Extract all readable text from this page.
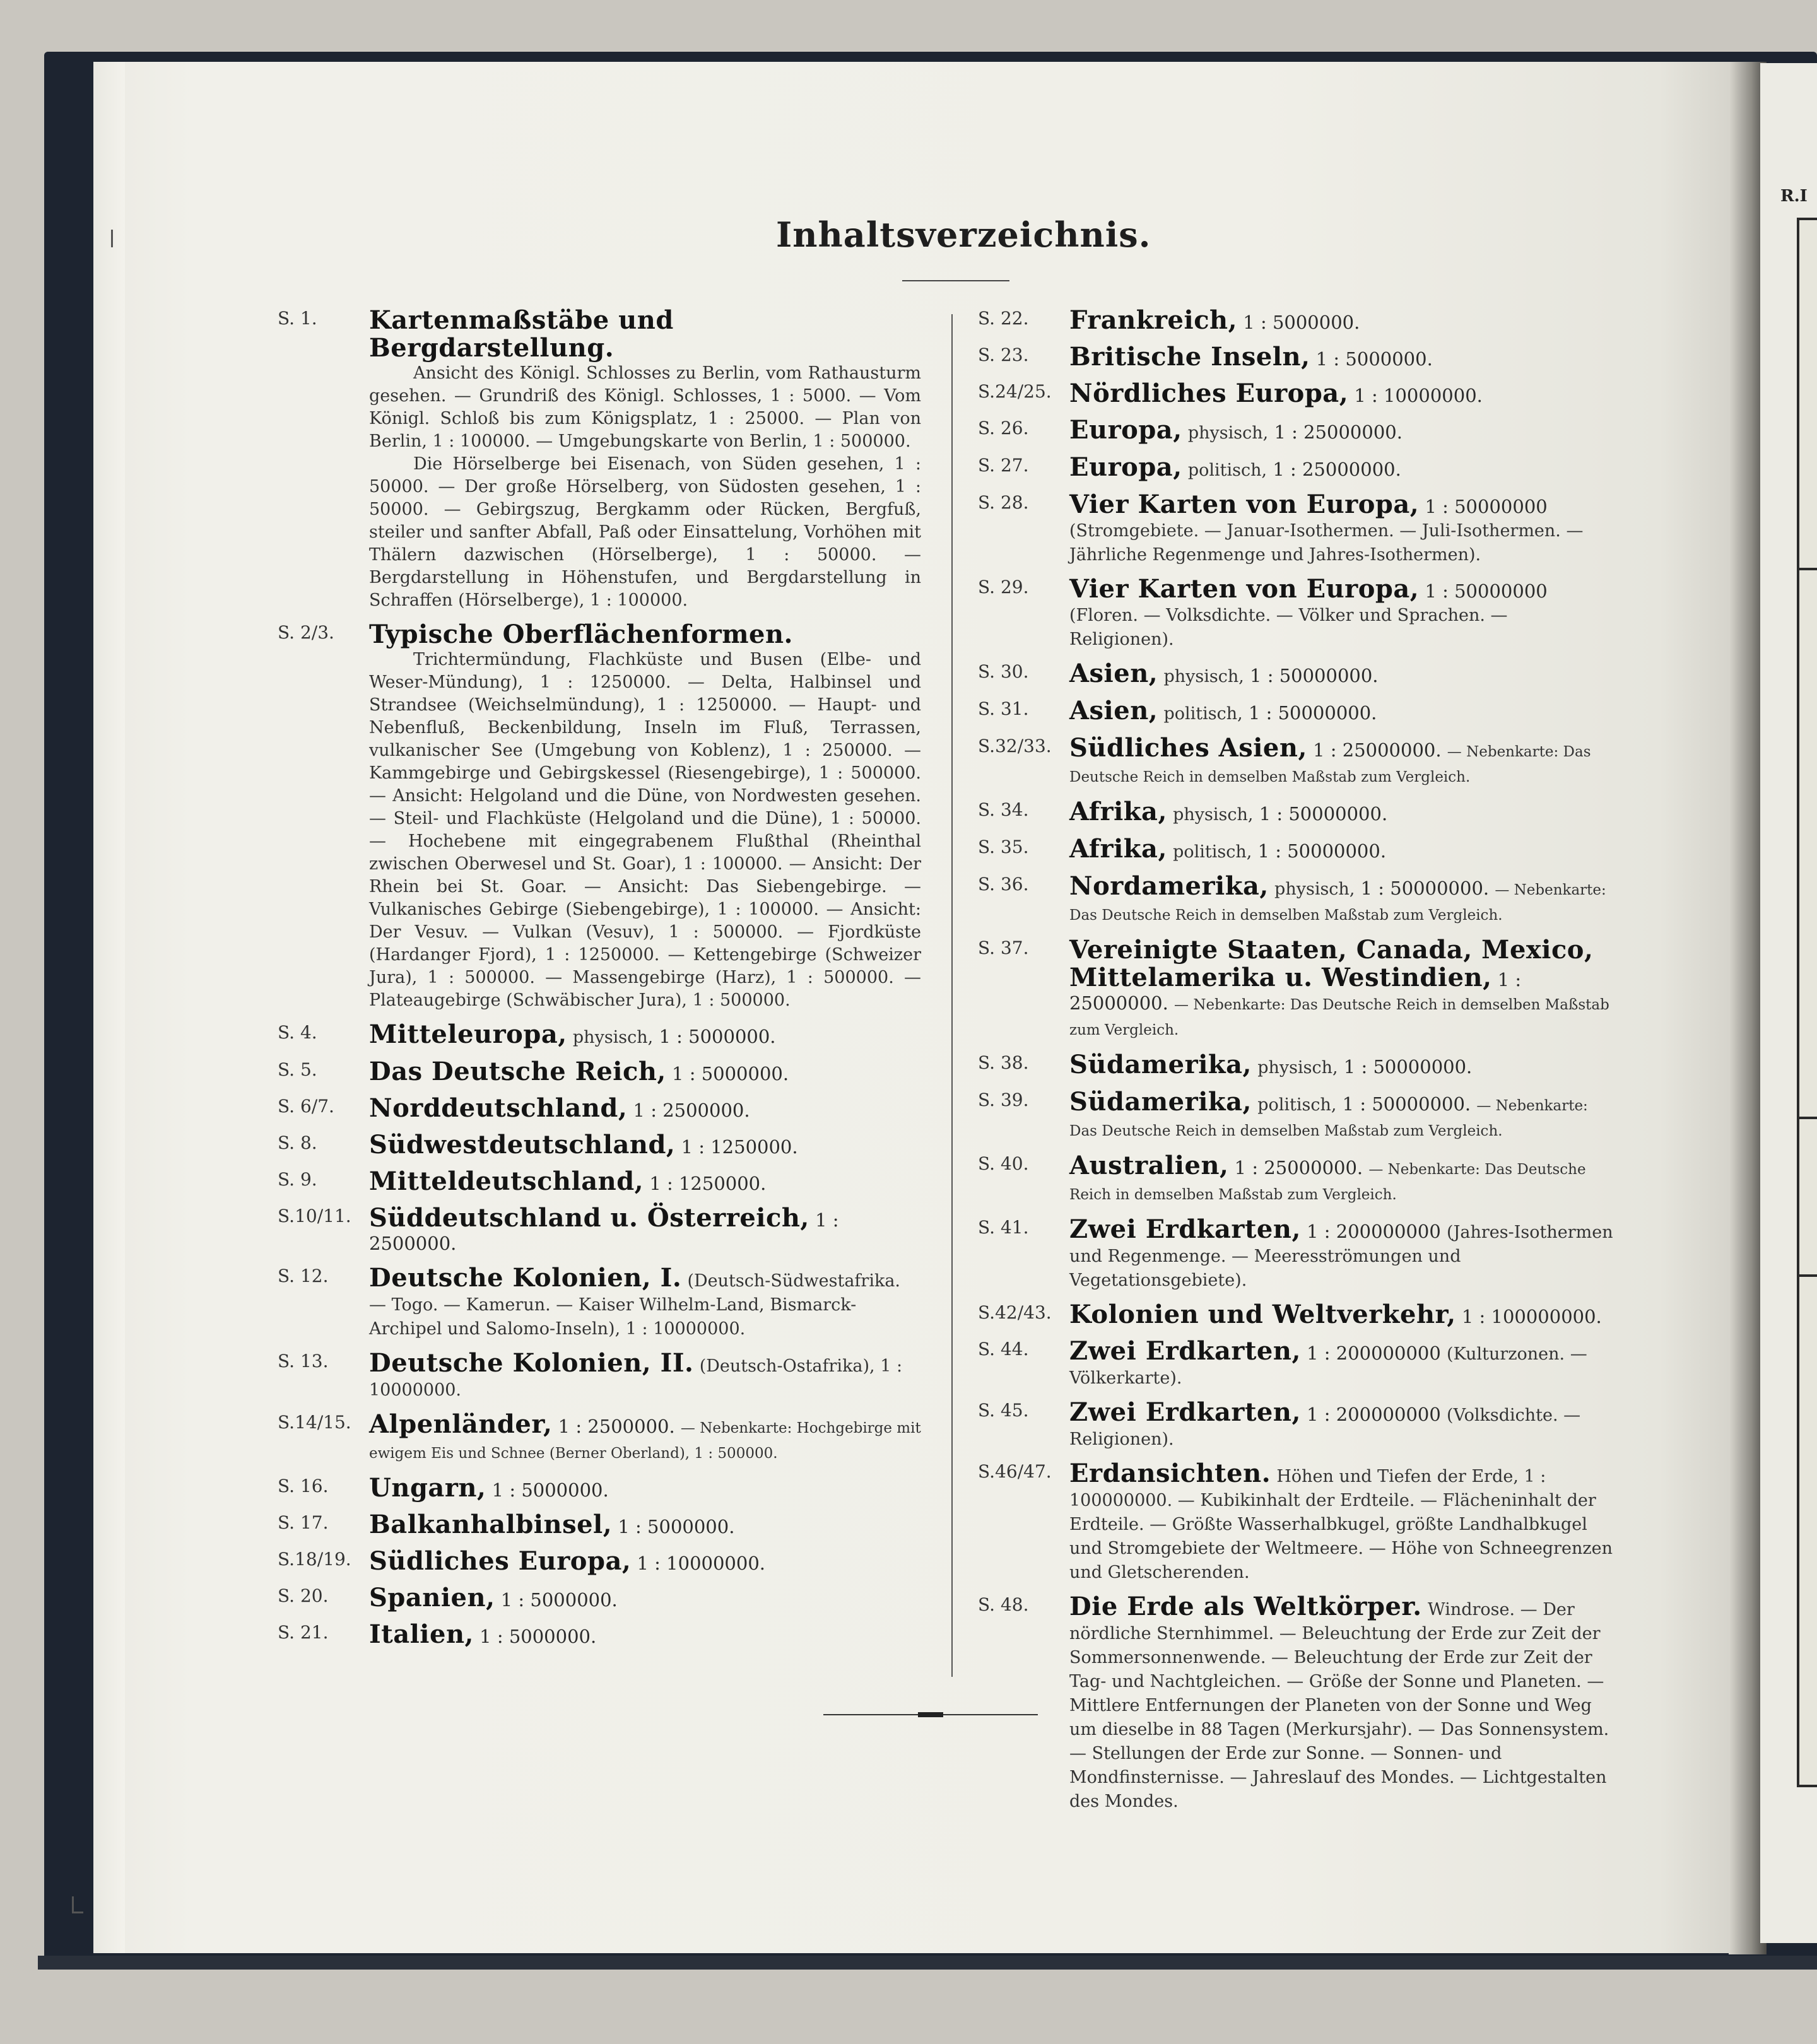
R.I
Inhaltsverzeichnis.
S. 1.	Kartenmaßstäbe und Bergdarstellung.

Ansicht des Königl. Schlosses zu Berlin, vom Rathausturm gesehen. — Grundriß des Königl. Schlosses, 1 : 5000. — Vom Königl. Schloß bis zum Königsplatz, 1 : 25000. — Plan von Berlin, 1 : 100000. — Umgebungskarte von Berlin, 1 : 500000.

Die Hörselberge bei Eisenach, von Süden gesehen, 1 : 50000. — Der große Hörselberg, von Südosten gesehen, 1 : 50000. — Gebirgszug, Bergkamm oder Rücken, Bergfuß, steiler und sanfter Abfall, Paß oder Einsattelung, Vorhöhen mit Thälern dazwischen (Hörselberge), 1 : 50000. — Bergdarstellung in Höhenstufen, und Bergdarstellung in Schraffen (Hörselberge), 1 : 100000.

S. 2/3.	Typische Oberflächenformen.

Trichtermündung, Flachküste und Busen (Elbe- und Weser-Mündung), 1 : 1250000. — Delta, Halbinsel und Strandsee (Weichselmündung), 1 : 1250000. — Haupt- und Nebenfluß, Beckenbildung, Inseln im Fluß, Terrassen, vulkanischer See (Umgebung von Koblenz), 1 : 250000. — Kammgebirge und Gebirgskessel (Riesengebirge), 1 : 500000. — Ansicht: Helgoland und die Düne, von Nordwesten gesehen. — Steil- und Flachküste (Helgoland und die Düne), 1 : 50000. — Hochebene mit eingegrabenem Flußthal (Rheinthal zwischen Oberwesel und St. Goar), 1 : 100000. — Ansicht: Der Rhein bei St. Goar. — Ansicht: Das Siebengebirge. — Vulkanisches Gebirge (Siebengebirge), 1 : 100000. — Ansicht: Der Vesuv. — Vulkan (Vesuv), 1 : 500000. — Fjordküste (Hardanger Fjord), 1 : 1250000. — Kettengebirge (Schweizer Jura), 1 : 500000. — Massengebirge (Harz), 1 : 500000. — Plateaugebirge (Schwäbischer Jura), 1 : 500000.

S. 4.	Mitteleuropa, physisch, 1 : 5000000.
S. 5.	Das Deutsche Reich, 1 : 5000000.
S. 6/7.	Norddeutschland, 1 : 2500000.
S. 8.	Südwestdeutschland, 1 : 1250000.
S. 9.	Mitteldeutschland, 1 : 1250000.
S.10/11. Süddeutschland u. Österreich, 1 : 2500000.
S. 12.	Deutsche Kolonien, I. (Deutsch-Südwestafrika. — Togo. — Kamerun. — Kaiser Wilhelm-Land, Bismarck-Archipel und Salomo-Inseln), 1 : 10000000.
S. 13.	Deutsche Kolonien, II. (Deutsch-Ostafrika), 1 : 10000000.
S.14/15. Alpenländer, 1 : 2500000. — Nebenkarte: Hochgebirge mit ewigem Eis und Schnee (Berner Oberland), 1 : 500000.
S. 16.	Ungarn, 1 : 5000000.
S. 17.	Balkanhalbinsel, 1 : 5000000.
S.18/19. Südliches Europa, 1 : 10000000.
S. 20.	Spanien, 1 : 5000000.
S. 21.	Italien, 1 : 5000000.
S. 22.	Frankreich, 1 : 5000000.
S. 23.	Britische Inseln, 1 : 5000000.
S.24/25. Nördliches Europa, 1 : 10000000.
S. 26.	Europa, physisch, 1 : 25000000.
S. 27.	Europa, politisch, 1 : 25000000.
S. 28.	Vier Karten von Europa, 1 : 50000000 (Stromgebiete. — Januar-Isothermen. — Juli-Isothermen. — Jährliche Regenmenge und Jahres-Isothermen).
S. 29.	Vier Karten von Europa, 1 : 50000000 (Floren. — Volksdichte. — Völker und Sprachen. — Religionen).
S. 30.	Asien, physisch, 1 : 50000000.
S. 31.	Asien, politisch, 1 : 50000000.
S.32/33. Südliches Asien, 1 : 25000000. — Nebenkarte: Das Deutsche Reich in demselben Maßstab zum Vergleich.
S. 34.	Afrika, physisch, 1 : 50000000.
S. 35.	Afrika, politisch, 1 : 50000000.
S. 36.	Nordamerika, physisch, 1 : 50000000. — Nebenkarte: Das Deutsche Reich in demselben Maßstab zum Vergleich.
S. 37.	Vereinigte Staaten, Canada, Mexico, Mittelamerika u. Westindien, 1 : 25000000. — Nebenkarte: Das Deutsche Reich in demselben Maßstab zum Vergleich.
S. 38.	Südamerika, physisch, 1 : 50000000.
S. 39.	Südamerika, politisch, 1 : 50000000. — Nebenkarte: Das Deutsche Reich in demselben Maßstab zum Vergleich.
S. 40.	Australien, 1 : 25000000. — Nebenkarte: Das Deutsche Reich in demselben Maßstab zum Vergleich.
S. 41.	Zwei Erdkarten, 1 : 200000000 (Jahres-Isothermen und Regenmenge. — Meeresströmungen und Vegetationsgebiete).
S.42/43. Kolonien und Weltverkehr, 1 : 100000000.
S. 44.	Zwei Erdkarten, 1 : 200000000 (Kulturzonen. — Völkerkarte).
S. 45.	Zwei Erdkarten, 1 : 200000000 (Volksdichte. — Religionen).
S.46/47. Erdansichten. Höhen und Tiefen der Erde, 1 : 100000000. — Kubikinhalt der Erdteile. — Flächeninhalt der Erdteile. — Größte Wasserhalbkugel, größte Landhalbkugel und Stromgebiete der Weltmeere. — Höhe von Schneegrenzen und Gletscherenden.
S. 48.	Die Erde als Weltkörper. Windrose. — Der nördliche Sternhimmel. — Beleuchtung der Erde zur Zeit der Sommersonnenwende. — Beleuchtung der Erde zur Zeit der Tag- und Nachtgleichen. — Größe der Sonne und Planeten. — Mittlere Entfernungen der Planeten von der Sonne und Weg um dieselbe in 88 Tagen (Merkursjahr). — Das Sonnensystem. — Stellungen der Erde zur Sonne. — Sonnen- und Mondfinsternisse. — Jahreslauf des Mondes. — Lichtgestalten des Mondes.
